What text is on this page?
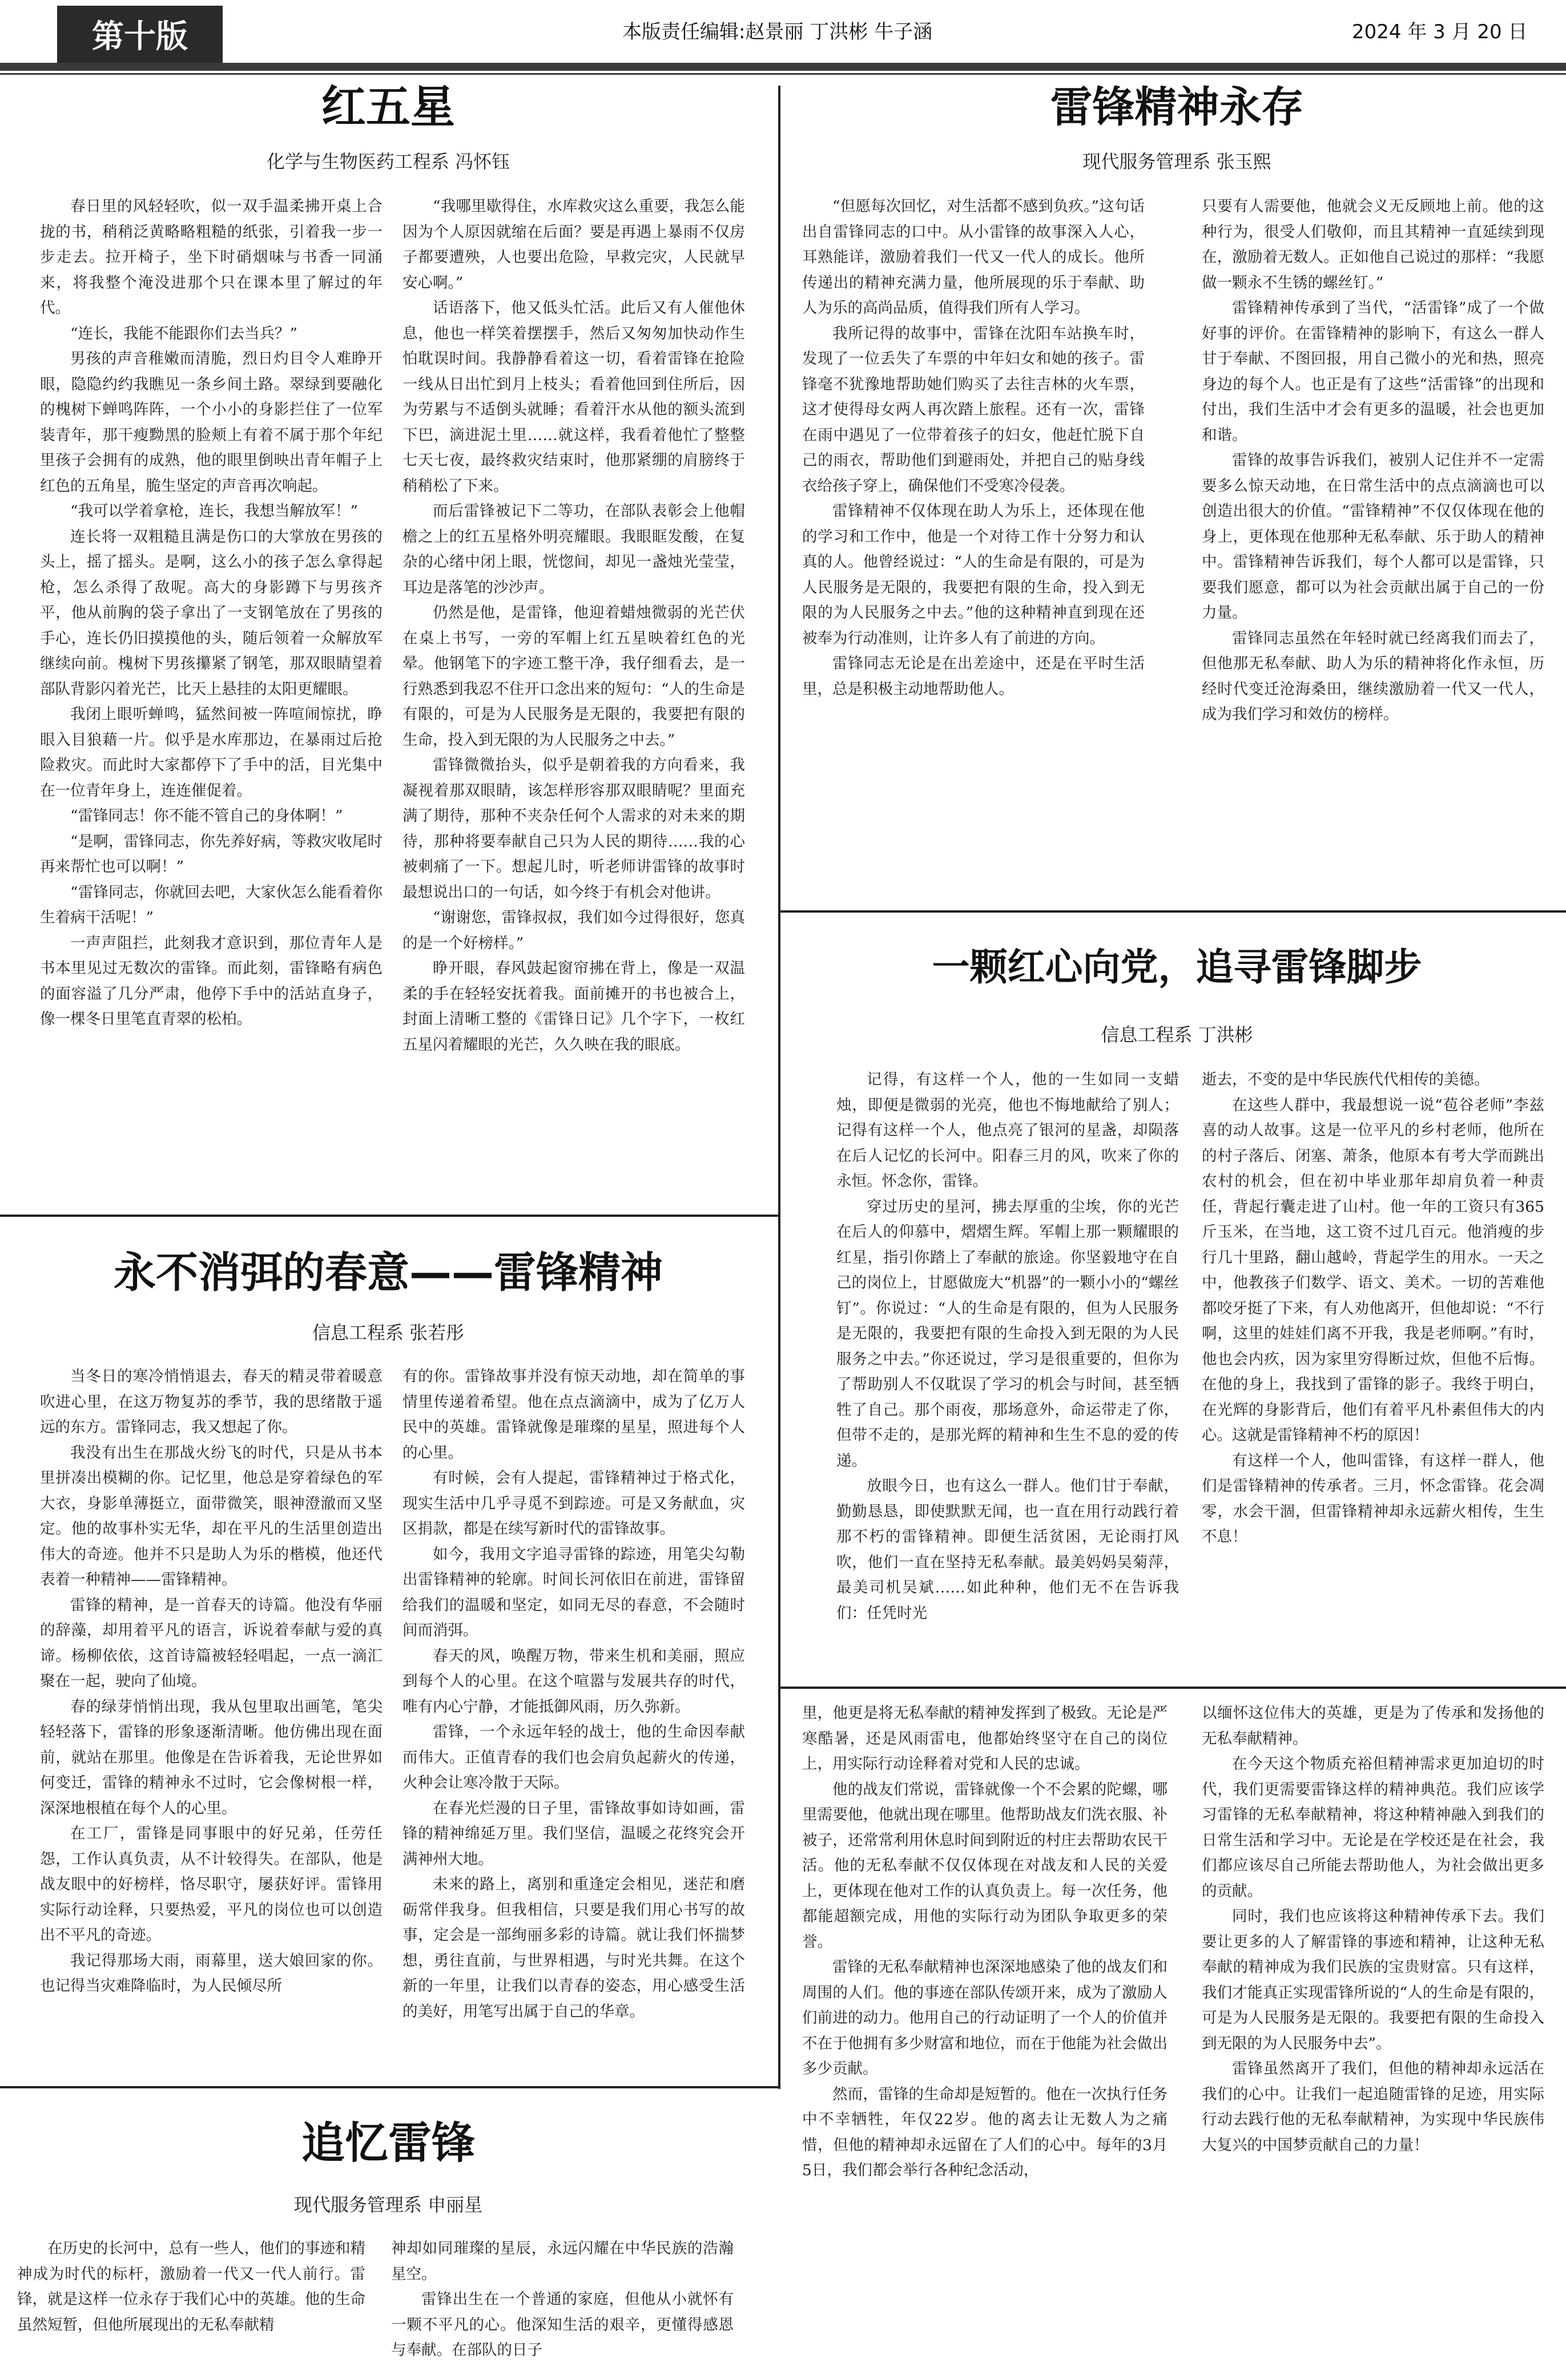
第十版	本版责任编辑:赵景丽 丁洪彬 牛子涵	2024 年 3 月 20 日
红五星
化学与生物医药工程系 冯怀钰

春日里的风轻轻吹，似一双手温柔拂开桌上合拢的书，稍稍泛黄略略粗糙的纸张，引着我一步一步走去。拉开椅子，坐下时硝烟味与书香一同涌来，将我整个淹没进那个只在课本里了解过的年代。

“连长，我能不能跟你们去当兵？”

男孩的声音稚嫩而清脆，烈日灼目令人难睁开眼，隐隐约约我瞧见一条乡间土路。翠绿到要融化的槐树下蝉鸣阵阵，一个小小的身影拦住了一位军装青年，那干瘦黝黑的脸颊上有着不属于那个年纪里孩子会拥有的成熟，他的眼里倒映出青年帽子上红色的五角星，脆生坚定的声音再次响起。

“我可以学着拿枪，连长，我想当解放军！”

连长将一双粗糙且满是伤口的大掌放在男孩的头上，摇了摇头。是啊，这么小的孩子怎么拿得起枪，怎么杀得了敌呢。高大的身影蹲下与男孩齐平，他从前胸的袋子拿出了一支钢笔放在了男孩的手心，连长仍旧摸摸他的头，随后领着一众解放军继续向前。槐树下男孩攥紧了钢笔，那双眼睛望着部队背影闪着光芒，比天上悬挂的太阳更耀眼。

我闭上眼听蝉鸣，猛然间被一阵喧闹惊扰，睁眼入目狼藉一片。似乎是水库那边，在暴雨过后抢险救灾。而此时大家都停下了手中的活，目光集中在一位青年身上，连连催促着。

“雷锋同志！你不能不管自己的身体啊！”

“是啊，雷锋同志，你先养好病，等救灾收尾时再来帮忙也可以啊！”

“雷锋同志，你就回去吧，大家伙怎么能看着你生着病干活呢！”

一声声阻拦，此刻我才意识到，那位青年人是书本里见过无数次的雷锋。而此刻，雷锋略有病色的面容溢了几分严肃，他停下手中的活站直身子，像一棵冬日里笔直青翠的松柏。

“我哪里歇得住，水库救灾这么重要，我怎么能因为个人原因就缩在后面？要是再遇上暴雨不仅房子都要遭殃，人也要出危险，早救完灾，人民就早安心啊。”

话语落下，他又低头忙活。此后又有人催他休息，他也一样笑着摆摆手，然后又匆匆加快动作生怕耽误时间。我静静看着这一切，看着雷锋在抢险一线从日出忙到月上枝头；看着他回到住所后，因为劳累与不适倒头就睡；看着汗水从他的额头流到下巴，滴进泥土里……就这样，我看着他忙了整整七天七夜，最终救灾结束时，他那紧绷的肩膀终于稍稍松了下来。

而后雷锋被记下二等功，在部队表彰会上他帽檐之上的红五星格外明亮耀眼。我眼眶发酸，在复杂的心绪中闭上眼，恍惚间，却见一盏烛光莹莹，耳边是落笔的沙沙声。

仍然是他，是雷锋，他迎着蜡烛微弱的光芒伏在桌上书写，一旁的军帽上红五星映着红色的光晕。他钢笔下的字迹工整干净，我仔细看去，是一行熟悉到我忍不住开口念出来的短句：“人的生命是有限的，可是为人民服务是无限的，我要把有限的生命，投入到无限的为人民服务之中去。”

雷锋微微抬头，似乎是朝着我的方向看来，我凝视着那双眼睛，该怎样形容那双眼睛呢？里面充满了期待，那种不夹杂任何个人需求的对未来的期待，那种将要奉献自己只为人民的期待……我的心被刺痛了一下。想起儿时，听老师讲雷锋的故事时最想说出口的一句话，如今终于有机会对他讲。

“谢谢您，雷锋叔叔，我们如今过得很好，您真的是一个好榜样。”

睁开眼，春风鼓起窗帘拂在背上，像是一双温柔的手在轻轻安抚着我。面前摊开的书也被合上，封面上清晰工整的《雷锋日记》几个字下，一枚红五星闪着耀眼的光芒，久久映在我的眼底。

雷锋精神永存
现代服务管理系 张玉熙

“但愿每次回忆，对生活都不感到负疚。”这句话出自雷锋同志的口中。从小雷锋的故事深入人心，耳熟能详，激励着我们一代又一代人的成长。他所传递出的精神充满力量，他所展现的乐于奉献、助人为乐的高尚品质，值得我们所有人学习。

我所记得的故事中，雷锋在沈阳车站换车时，发现了一位丢失了车票的中年妇女和她的孩子。雷锋毫不犹豫地帮助她们购买了去往吉林的火车票，这才使得母女两人再次踏上旅程。还有一次，雷锋在雨中遇见了一位带着孩子的妇女，他赶忙脱下自己的雨衣，帮助他们到避雨处，并把自己的贴身线衣给孩子穿上，确保他们不受寒冷侵袭。

雷锋精神不仅体现在助人为乐上，还体现在他的学习和工作中，他是一个对待工作十分努力和认真的人。他曾经说过：“人的生命是有限的，可是为人民服务是无限的，我要把有限的生命，投入到无限的为人民服务之中去。”他的这种精神直到现在还被奉为行动准则，让许多人有了前进的方向。

雷锋同志无论是在出差途中，还是在平时生活里，总是积极主动地帮助他人。

只要有人需要他，他就会义无反顾地上前。他的这种行为，很受人们敬仰，而且其精神一直延续到现在，激励着无数人。正如他自己说过的那样：“我愿做一颗永不生锈的螺丝钉。”

雷锋精神传承到了当代，“活雷锋”成了一个做好事的评价。在雷锋精神的影响下，有这么一群人甘于奉献、不图回报，用自己微小的光和热，照亮身边的每个人。也正是有了这些“活雷锋”的出现和付出，我们生活中才会有更多的温暖，社会也更加和谐。

雷锋的故事告诉我们，被别人记住并不一定需要多么惊天动地，在日常生活中的点点滴滴也可以创造出很大的价值。“雷锋精神”不仅仅体现在他的身上，更体现在他那种无私奉献、乐于助人的精神中。雷锋精神告诉我们，每个人都可以是雷锋，只要我们愿意，都可以为社会贡献出属于自己的一份力量。

雷锋同志虽然在年轻时就已经离我们而去了，但他那无私奉献、助人为乐的精神将化作永恒，历经时代变迁沧海桑田，继续激励着一代又一代人，成为我们学习和效仿的榜样。

一颗红心向党，追寻雷锋脚步
信息工程系 丁洪彬

记得，有这样一个人，他的一生如同一支蜡烛，即便是微弱的光亮，他也不悔地献给了别人；记得有这样一个人，他点亮了银河的星盏，却陨落在后人记忆的长河中。阳春三月的风，吹来了你的永恒。怀念你，雷锋。

穿过历史的星河，拂去厚重的尘埃，你的光芒在后人的仰慕中，熠熠生辉。军帽上那一颗耀眼的红星，指引你踏上了奉献的旅途。你坚毅地守在自己的岗位上，甘愿做庞大“机器”的一颗小小的“螺丝钉”。你说过：“人的生命是有限的，但为人民服务是无限的，我要把有限的生命投入到无限的为人民服务之中去。”你还说过，学习是很重要的，但你为了帮助别人不仅耽误了学习的机会与时间，甚至牺牲了自己。那个雨夜，那场意外，命运带走了你，但带不走的，是那光辉的精神和生生不息的爱的传递。

放眼今日，也有这么一群人。他们甘于奉献，勤勤恳恳，即使默默无闻，也一直在用行动践行着那不朽的雷锋精神。即便生活贫困，无论雨打风吹，他们一直在坚持无私奉献。最美妈妈吴菊萍，最美司机吴斌……如此种种，他们无不在告诉我们：任凭时光

逝去，不变的是中华民族代代相传的美德。

在这些人群中，我最想说一说“苞谷老师”李兹喜的动人故事。这是一位平凡的乡村老师，他所在的村子落后、闭塞、萧条，他原本有考大学而跳出农村的机会，但在初中毕业那年却肩负着一种责任，背起行囊走进了山村。他一年的工资只有365斤玉米，在当地，这工资不过几百元。他消瘦的步行几十里路，翻山越岭，背起学生的用水。一天之中，他教孩子们数学、语文、美术。一切的苦难他都咬牙挺了下来，有人劝他离开，但他却说：“不行啊，这里的娃娃们离不开我，我是老师啊。”有时，他也会内疚，因为家里穷得断过炊，但他不后悔。在他的身上，我找到了雷锋的影子。我终于明白，在光辉的身影背后，他们有着平凡朴素但伟大的内心。这就是雷锋精神不朽的原因！

有这样一个人，他叫雷锋，有这样一群人，他们是雷锋精神的传承者。三月，怀念雷锋。花会凋零，水会干涸，但雷锋精神却永远薪火相传，生生不息！

里，他更是将无私奉献的精神发挥到了极致。无论是严寒酷暑，还是风雨雷电，他都始终坚守在自己的岗位上，用实际行动诠释着对党和人民的忠诚。

他的战友们常说，雷锋就像一个不会累的陀螺，哪里需要他，他就出现在哪里。他帮助战友们洗衣服、补被子，还常常利用休息时间到附近的村庄去帮助农民干活。他的无私奉献不仅仅体现在对战友和人民的关爱上，更体现在他对工作的认真负责上。每一次任务，他都能超额完成，用他的实际行动为团队争取更多的荣誉。

雷锋的无私奉献精神也深深地感染了他的战友们和周围的人们。他的事迹在部队传颂开来，成为了激励人们前进的动力。他用自己的行动证明了一个人的价值并不在于他拥有多少财富和地位，而在于他能为社会做出多少贡献。

然而，雷锋的生命却是短暂的。他在一次执行任务中不幸牺牲，年仅22岁。他的离去让无数人为之痛惜，但他的精神却永远留在了人们的心中。每年的3月5日，我们都会举行各种纪念活动，

以缅怀这位伟大的英雄，更是为了传承和发扬他的无私奉献精神。

在今天这个物质充裕但精神需求更加迫切的时代，我们更需要雷锋这样的精神典范。我们应该学习雷锋的无私奉献精神，将这种精神融入到我们的日常生活和学习中。无论是在学校还是在社会，我们都应该尽自己所能去帮助他人，为社会做出更多的贡献。

同时，我们也应该将这种精神传承下去。我们要让更多的人了解雷锋的事迹和精神，让这种无私奉献的精神成为我们民族的宝贵财富。只有这样，我们才能真正实现雷锋所说的“人的生命是有限的，可是为人民服务是无限的。我要把有限的生命投入到无限的为人民服务中去”。

雷锋虽然离开了我们，但他的精神却永远活在我们的心中。让我们一起追随雷锋的足迹，用实际行动去践行他的无私奉献精神，为实现中华民族伟大复兴的中国梦贡献自己的力量！

永不消弭的春意——雷锋精神
信息工程系 张若彤

当冬日的寒冷悄悄退去，春天的精灵带着暖意吹进心里，在这万物复苏的季节，我的思绪散于遥远的东方。雷锋同志，我又想起了你。

我没有出生在那战火纷飞的时代，只是从书本里拼凑出模糊的你。记忆里，他总是穿着绿色的军大衣，身影单薄挺立，面带微笑，眼神澄澈而又坚定。他的故事朴实无华，却在平凡的生活里创造出伟大的奇迹。他并不只是助人为乐的楷模，他还代表着一种精神——雷锋精神。

雷锋的精神，是一首春天的诗篇。他没有华丽的辞藻，却用着平凡的语言，诉说着奉献与爱的真谛。杨柳依依，这首诗篇被轻轻唱起，一点一滴汇聚在一起，驶向了仙境。

春的绿芽悄悄出现，我从包里取出画笔，笔尖轻轻落下，雷锋的形象逐渐清晰。他仿佛出现在面前，就站在那里。他像是在告诉着我，无论世界如何变迁，雷锋的精神永不过时，它会像树根一样，深深地根植在每个人的心里。

在工厂，雷锋是同事眼中的好兄弟，任劳任怨，工作认真负责，从不计较得失。在部队，他是战友眼中的好榜样，恪尽职守，屡获好评。雷锋用实际行动诠释，只要热爱，平凡的岗位也可以创造出不平凡的奇迹。

我记得那场大雨，雨幕里，送大娘回家的你。也记得当灾难降临时，为人民倾尽所

有的你。雷锋故事并没有惊天动地，却在简单的事情里传递着希望。他在点点滴滴中，成为了亿万人民中的英雄。雷锋就像是璀璨的星星，照进每个人的心里。

有时候，会有人提起，雷锋精神过于格式化，现实生活中几乎寻觅不到踪迹。可是又务献血，灾区捐款，都是在续写新时代的雷锋故事。

如今，我用文字追寻雷锋的踪迹，用笔尖勾勒出雷锋精神的轮廓。时间长河依旧在前进，雷锋留给我们的温暖和坚定，如同无尽的春意，不会随时间而消弭。

春天的风，唤醒万物，带来生机和美丽，照应到每个人的心里。在这个喧嚣与发展共存的时代，唯有内心宁静，才能抵御风雨，历久弥新。

雷锋，一个永远年轻的战士，他的生命因奉献而伟大。正值青春的我们也会肩负起薪火的传递，火种会让寒冷散于天际。

在春光烂漫的日子里，雷锋故事如诗如画，雷锋的精神绵延万里。我们坚信，温暖之花终究会开满神州大地。

未来的路上，离别和重逢定会相见，迷茫和磨砺常伴我身。但我相信，只要是我们用心书写的故事，定会是一部绚丽多彩的诗篇。就让我们怀揣梦想，勇往直前，与世界相遇，与时光共舞。在这个新的一年里，让我们以青春的姿态，用心感受生活的美好，用笔写出属于自己的华章。

追忆雷锋
现代服务管理系 申丽星

在历史的长河中，总有一些人，他们的事迹和精神成为时代的标杆，激励着一代又一代人前行。雷锋，就是这样一位永存于我们心中的英雄。他的生命虽然短暂，但他所展现出的无私奉献精

神却如同璀璨的星辰，永远闪耀在中华民族的浩瀚星空。

雷锋出生在一个普通的家庭，但他从小就怀有一颗不平凡的心。他深知生活的艰辛，更懂得感恩与奉献。在部队的日子
